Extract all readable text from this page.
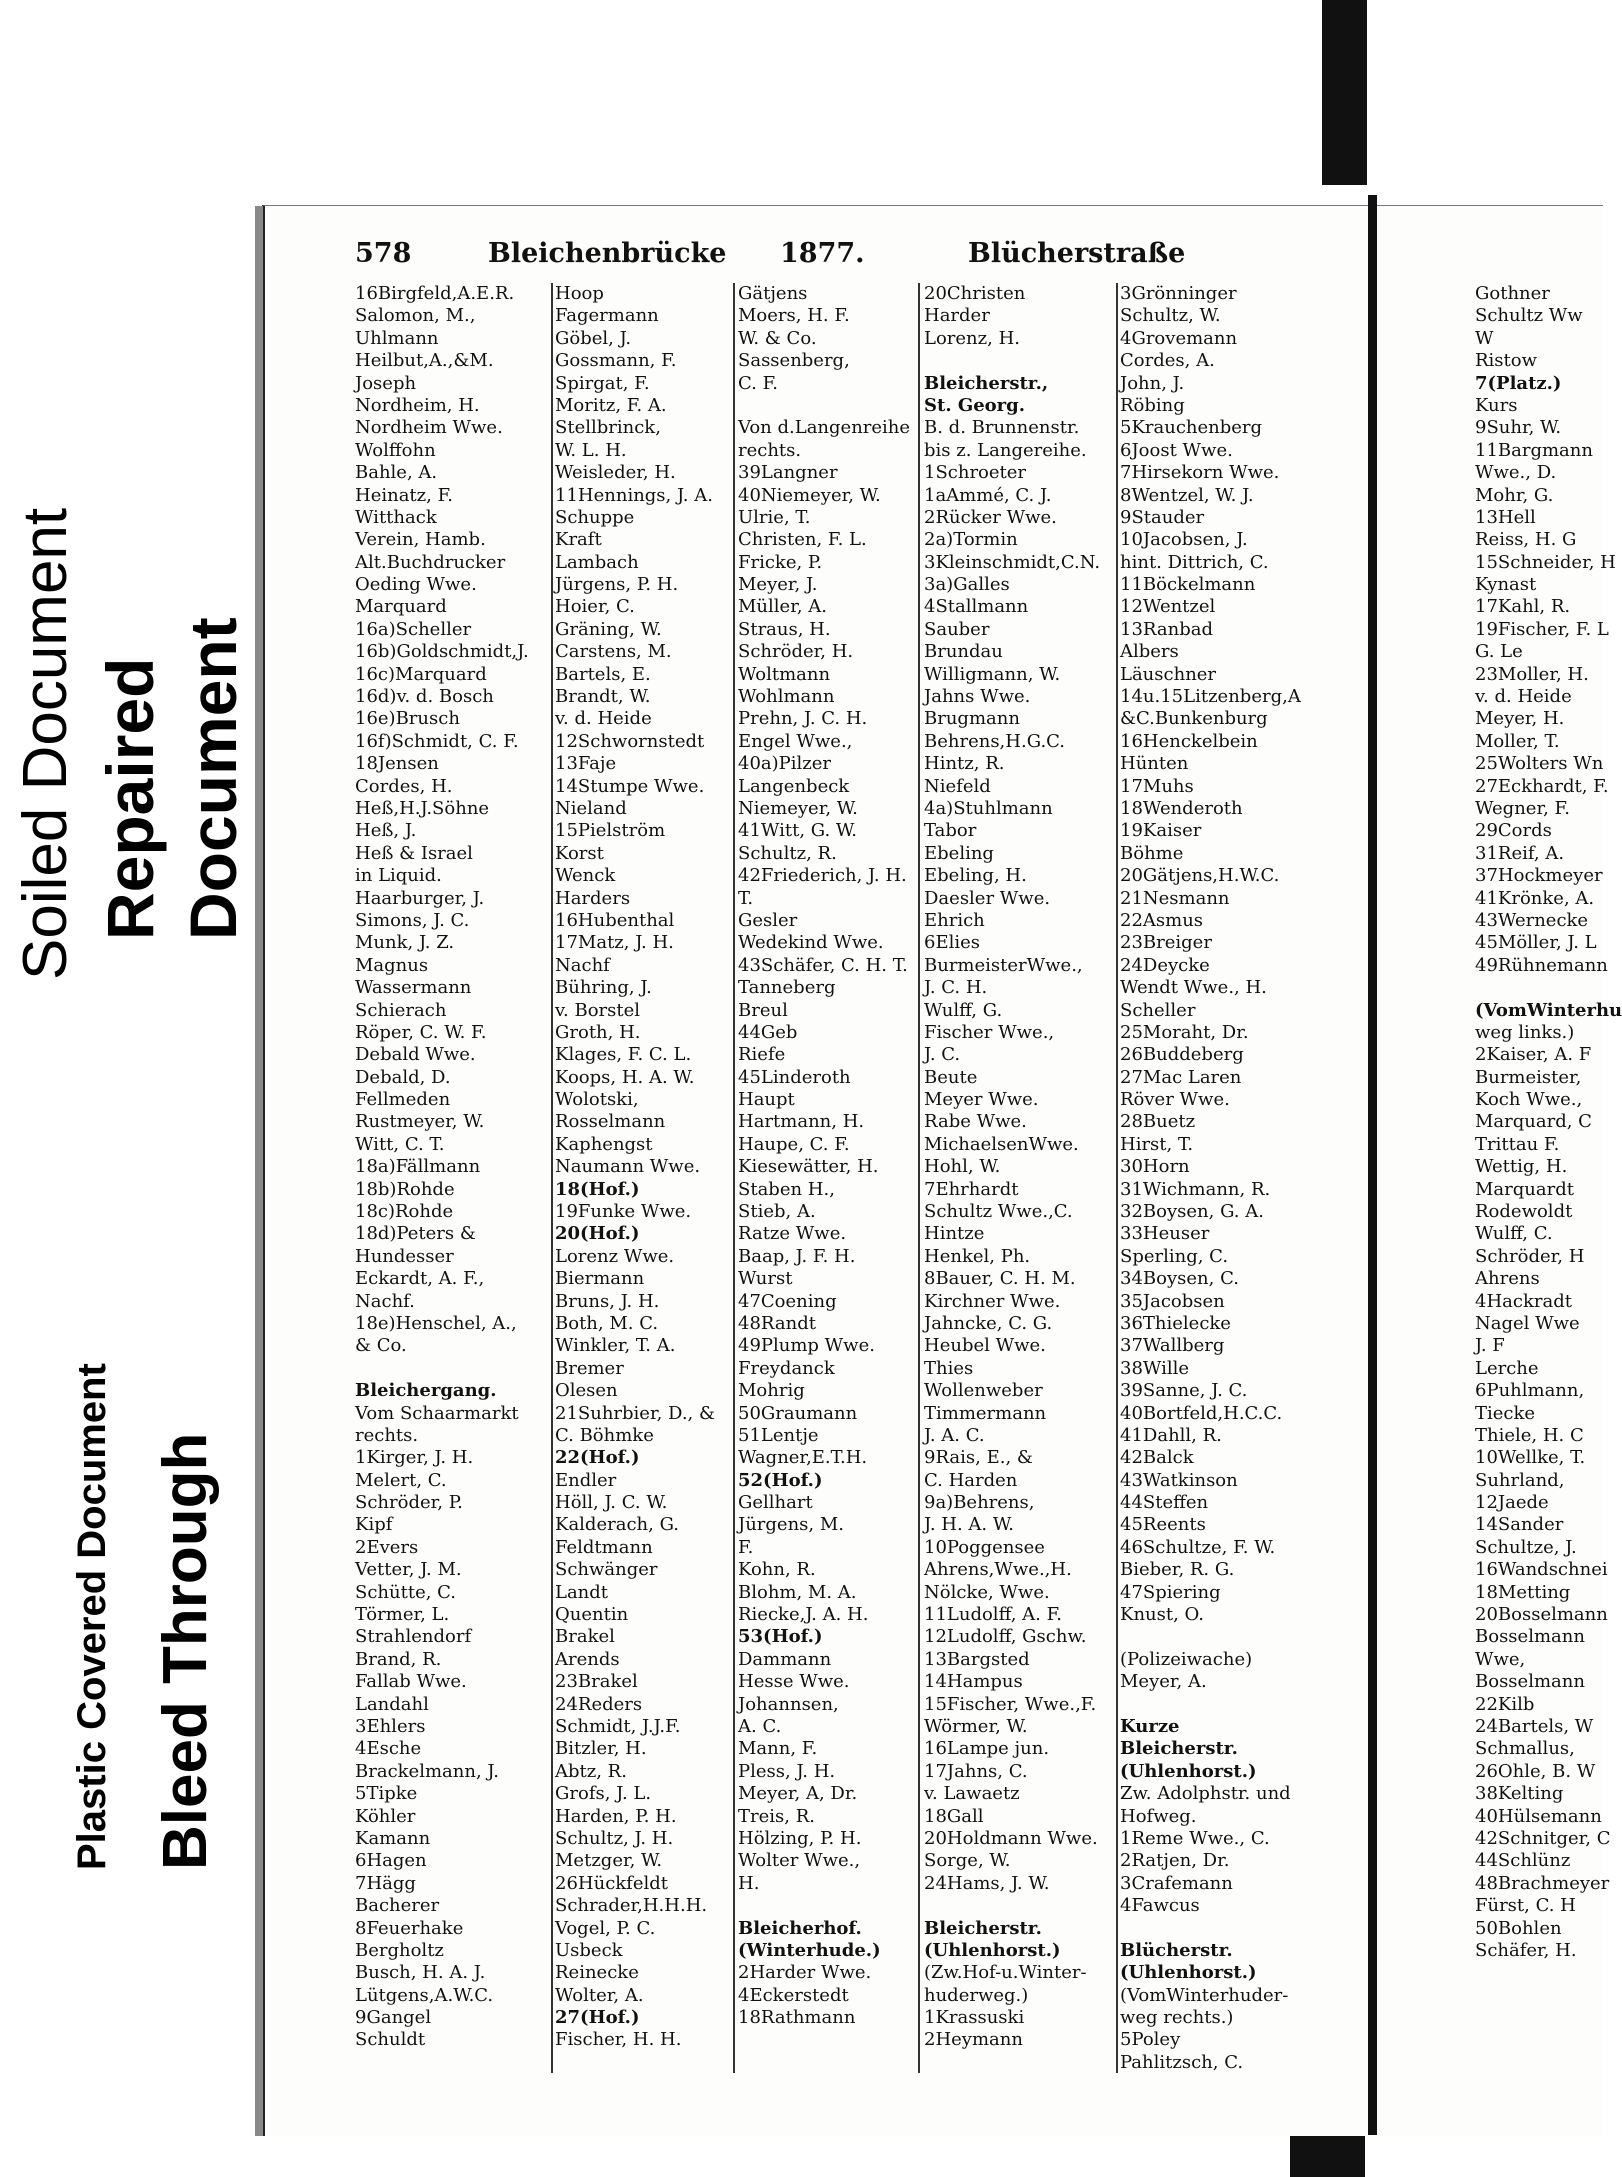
Soiled Document Repaired Document
Plastic Covered Document Bleed Through
578	Bleichenbrücke 1877.	Blücherstraße
16Birgfeld,A.E.R.
Salomon, M.,
Uhlmann
Heilbut,A.,&M.
Joseph
Nordheim, H.
Nordheim Wwe.
Wolffohn
Bahle, A.
Heinatz, F.
Witthack
Verein, Hamb.
Alt.Buchdrucker
Oeding Wwe.
Marquard
16a)Scheller
16b)Goldschmidt,J.
16c)Marquard
16d)v. d. Bosch
16e)Brusch
16f)Schmidt, C. F.
18Jensen
Cordes, H.
Heß,H.J.Söhne
Heß, J.
Heß & Israel
in Liquid.
Haarburger, J.
Simons, J. C.
Munk, J. Z.
Magnus
Wassermann
Schierach
Röper, C. W. F.
Debald Wwe.
Debald, D.
Fellmeden
Rustmeyer, W.
Witt, C. T.
18a)Fällmann
18b)Rohde
18c)Rohde
18d)Peters &
Hundesser
Eckardt, A. F.,
Nachf.
18e)Henschel, A.,
& Co.
Bleichergang.
Vom Schaarmarkt
rechts.
1Kirger, J. H.
Melert, C.
Schröder, P.
Kipf
2Evers
Vetter, J. M.
Schütte, C.
Törmer, L.
Strahlendorf
Brand, R.
Fallab Wwe.
Landahl
3Ehlers
4Esche
Brackelmann, J.
5Tipke
Köhler
Kamann
6Hagen
7Hägg
Bacherer
8Feuerhake
Bergholtz
Busch, H. A. J.
Lütgens,A.W.C.
9Gangel
Schuldt
Hoop
Fagermann
Göbel, J.
Gossmann, F.
Spirgat, F.
Moritz, F. A.
Stellbrinck,
W. L. H.
Weisleder, H.
11Hennings, J. A.
Schuppe
Kraft
Lambach
Jürgens, P. H.
Hoier, C.
Gräning, W.
Carstens, M.
Bartels, E.
Brandt, W.
v. d. Heide
12Schwornstedt
13Faje
14Stumpe Wwe.
Nieland
15Pielström
Korst
Wenck
Harders
16Hubenthal
17Matz, J. H.
Nachf
Bühring, J.
v. Borstel
Groth, H.
Klages, F. C. L.
Koops, H. A. W.
Wolotski,
Rosselmann
Kaphengst
Naumann Wwe.
18(Hof.)
19Funke Wwe.
20(Hof.)
Lorenz Wwe.
Biermann
Bruns, J. H.
Both, M. C.
Winkler, T. A.
Bremer
Olesen
21Suhrbier, D., &
C. Böhmke
22(Hof.)
Endler
Höll, J. C. W.
Kalderach, G.
Feldtmann
Schwänger
Landt
Quentin
Brakel
Arends
23Brakel
24Reders
Schmidt, J.J.F.
Bitzler, H.
Abtz, R.
Grofs, J. L.
Harden, P. H.
Schultz, J. H.
Metzger, W.
26Hückfeldt
Schrader,H.H.H.
Vogel, P. C.
Usbeck
Reinecke
Wolter, A.
27(Hof.)
Fischer, H. H.
Gätjens
Moers, H. F.
W. & Co.
Sassenberg,
C. F.
Von d.Langenreihe
rechts.
39Langner
40Niemeyer, W.
Ulrie, T.
Christen, F. L.
Fricke, P.
Meyer, J.
Müller, A.
Straus, H.
Schröder, H.
Woltmann
Wohlmann
Prehn, J. C. H.
Engel Wwe.,
40a)Pilzer
Langenbeck
Niemeyer, W.
41Witt, G. W.
Schultz, R.
42Friederich, J. H.
T.
Gesler
Wedekind Wwe.
43Schäfer, C. H. T.
Tanneberg
Breul
44Geb
Riefe
45Linderoth
Haupt
Hartmann, H.
Haupe, C. F.
Kiesewätter, H.
Staben H.,
Stieb, A.
Ratze Wwe.
Baap, J. F. H.
Wurst
47Coening
48Randt
49Plump Wwe.
Freydanck
Mohrig
50Graumann
51Lentje
Wagner,E.T.H.
52(Hof.)
Gellhart
Jürgens, M.
F.
Kohn, R.
Blohm, M. A.
Riecke,J. A. H.
53(Hof.)
Dammann
Hesse Wwe.
Johannsen,
A. C.
Mann, F.
Pless, J. H.
Meyer, A, Dr.
Treis, R.
Hölzing, P. H.
Wolter Wwe.,
H.
Bleicherhof.
(Winterhude.)
2Harder Wwe.
4Eckerstedt
18Rathmann
20Christen
Harder
Lorenz, H.
Bleicherstr.,
St. Georg.
B. d. Brunnenstr.
bis z. Langereihe.
1Schroeter
1aAmmé, C. J.
2Rücker Wwe.
2a)Tormin
3Kleinschmidt,C.N.
3a)Galles
4Stallmann
Sauber
Brundau
Willigmann, W.
Jahns Wwe.
Brugmann
Behrens,H.G.C.
Hintz, R.
Niefeld
4a)Stuhlmann
Tabor
Ebeling
Ebeling, H.
Daesler Wwe.
Ehrich
6Elies
BurmeisterWwe.,
J. C. H.
Wulff, G.
Fischer Wwe.,
J. C.
Beute
Meyer Wwe.
Rabe Wwe.
MichaelsenWwe.
Hohl, W.
7Ehrhardt
Schultz Wwe.,C.
Hintze
Henkel, Ph.
8Bauer, C. H. M.
Kirchner Wwe.
Jahncke, C. G.
Heubel Wwe.
Thies
Wollenweber
Timmermann
J. A. C.
9Rais, E., &
C. Harden
9a)Behrens,
J. H. A. W.
10Poggensee
Ahrens,Wwe.,H.
Nölcke, Wwe.
11Ludolff, A. F.
12Ludolff, Gschw.
13Bargsted
14Hampus
15Fischer, Wwe.,F.
Wörmer, W.
16Lampe jun.
17Jahns, C.
v. Lawaetz
18Gall
20Holdmann Wwe.
Sorge, W.
24Hams, J. W.
Bleicherstr.
(Uhlenhorst.)
(Zw.Hof-u.Winter-
huderweg.)
1Krassuski
2Heymann
3Grönninger
Schultz, W.
4Grovemann
Cordes, A.
John, J.
Röbing
5Krauchenberg
6Joost Wwe.
7Hirsekorn Wwe.
8Wentzel, W. J.
9Stauder
10Jacobsen, J.
hint. Dittrich, C.
11Böckelmann
12Wentzel
13Ranbad
Albers
Läuschner
14u.15Litzenberg,A
&C.Bunkenburg
16Henckelbein
Hünten
17Muhs
18Wenderoth
19Kaiser
Böhme
20Gätjens,H.W.C.
21Nesmann
22Asmus
23Breiger
24Deycke
Wendt Wwe., H.
Scheller
25Moraht, Dr.
26Buddeberg
27Mac Laren
Röver Wwe.
28Buetz
Hirst, T.
30Horn
31Wichmann, R.
32Boysen, G. A.
33Heuser
Sperling, C.
34Boysen, C.
35Jacobsen
36Thielecke
37Wallberg
38Wille
39Sanne, J. C.
40Bortfeld,H.C.C.
41Dahll, R.
42Balck
43Watkinson
44Steffen
45Reents
46Schultze, F. W.
Bieber, R. G.
47Spiering
Knust, O.
(Polizeiwache)
Meyer, A.
Kurze
Bleicherstr.
(Uhlenhorst.)
Zw. Adolphstr. und
Hofweg.
1Reme Wwe., C.
2Ratjen, Dr.
3Crafemann
4Fawcus
Blücherstr.
(Uhlenhorst.)
(VomWinterhuder-
weg rechts.)
5Poley
Pahlitzsch, C.
Gothner
Schultz Ww
W
Ristow
7(Platz.)
Kurs
9Suhr, W.
11Bargmann
Wwe., D.
Mohr, G.
13Hell
Reiss, H. G
15Schneider, H
Kynast
17Kahl, R.
19Fischer, F. L
G. Le
23Moller, H.
v. d. Heide
Meyer, H.
Moller, T.
25Wolters Wn
27Eckhardt, F.
Wegner, F.
29Cords
31Reif, A.
37Hockmeyer
41Krönke, A.
43Wernecke
45Möller, J. L
49Rühnemann
(VomWinterhu
weg links.)
2Kaiser, A. F
Burmeister,
Koch Wwe.,
Marquard, C
Trittau F.
Wettig, H.
Marquardt
Rodewoldt
Wulff, C.
Schröder, H
Ahrens
4Hackradt
Nagel Wwe
J. F
Lerche
6Puhlmann,
Tiecke
Thiele, H. C
10Wellke, T.
Suhrland,
12Jaede
14Sander
Schultze, J.
16Wandschnei
18Metting
20Bosselmann
Bosselmann
Wwe,
Bosselmann
22Kilb
24Bartels, W
Schmallus,
26Ohle, B. W
38Kelting
40Hülsemann
42Schnitger, C
44Schlünz
48Brachmeyer
Fürst, C. H
50Bohlen
Schäfer, H.
